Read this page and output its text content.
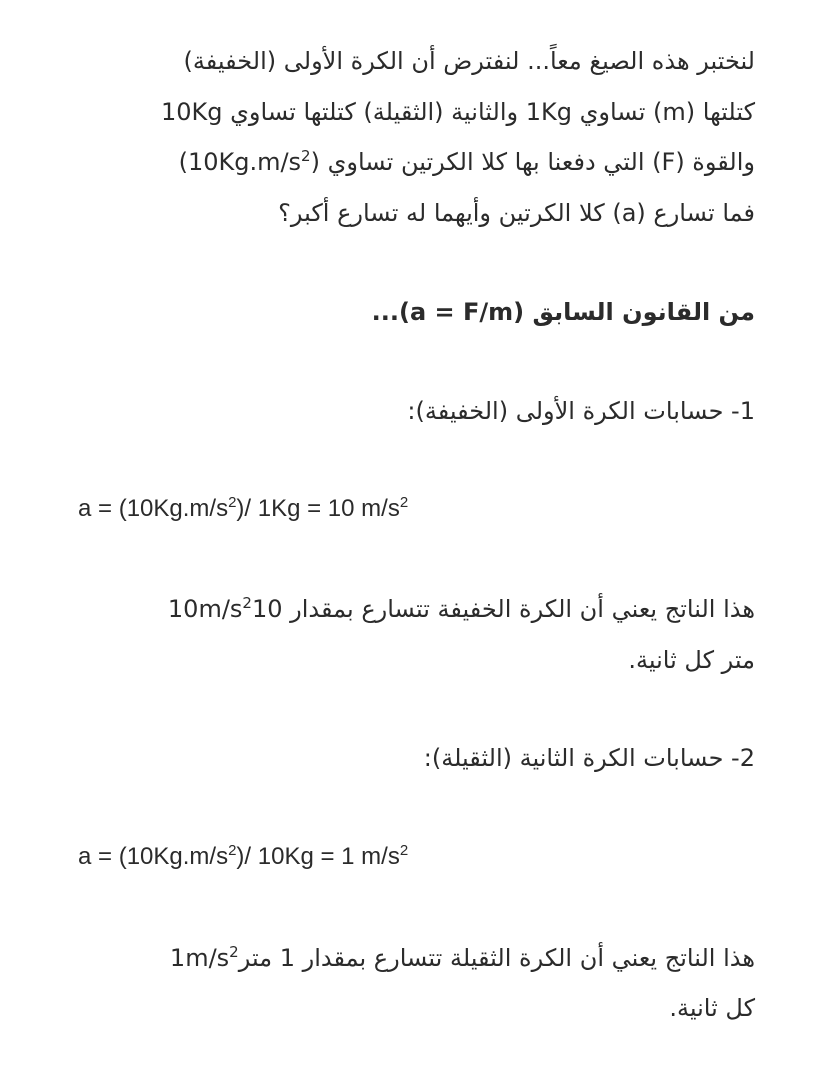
لنختبر هذه الصيغ معاً... لنفترض أن الكرة الأولى (الخفيفة)
كتلتها (m) تساوي 1Kg والثانية (الثقيلة) كتلتها تساوي 10Kg
والقوة (F) التي دفعنا بها كلا الكرتين تساوي $(10Kg.m/s^2)$
فما تسارع (a) كلا الكرتين وأيهما له تسارع أكبر؟
من القانون السابق (a = F/m)...
1- حسابات الكرة الأولى (الخفيفة):
$a = (10Kg.m/s^2)/$ 1Kg = 10 $m/s^2$
هذا الناتج يعني أن الكرة الخفيفة تتسارع بمقدار $1010m/s^2$
متر كل ثانية.
2- حسابات الكرة الثانية (الثقيلة):
$a = (10Kg.m/s^2)/$ 10Kg = 1 $m/s^2$
هذا الناتج يعني أن الكرة الثقيلة تتسارع بمقدار 1 $متر1m/s^2$
كل ثانية.
